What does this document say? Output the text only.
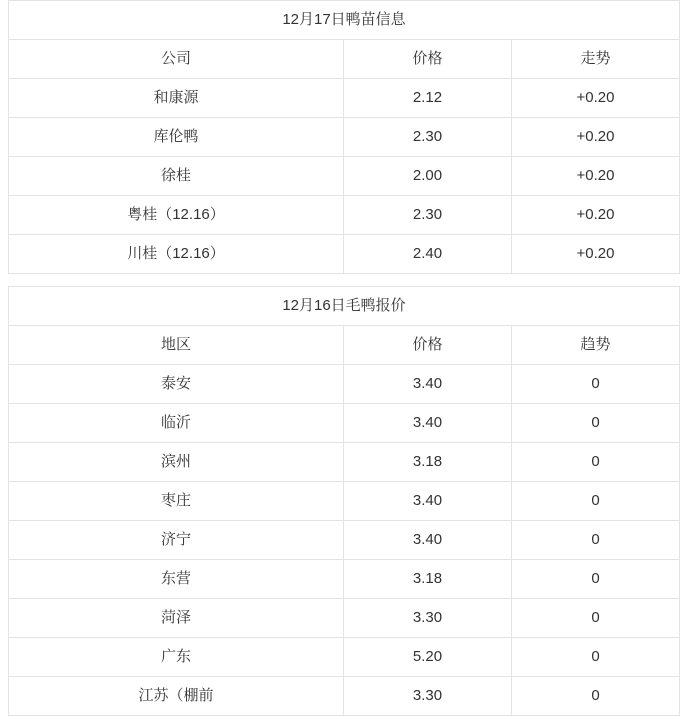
12月17日鸭苗信息		
公司	价格	走势
和康源	2.12	+0.20
库伦鸭	2.30	+0.20
徐桂	2.00	+0.20
粤桂（12.16）	2.30	+0.20
川桂（12.16）	2.40	+0.20
12月16日毛鸭报价		
地区	价格	趋势
泰安	3.40	0
临沂	3.40	0
滨州	3.18	0
枣庄	3.40	0
济宁	3.40	0
东营	3.18	0
菏泽	3.30	0
广东	5.20	0
江苏（棚前	3.30	0
